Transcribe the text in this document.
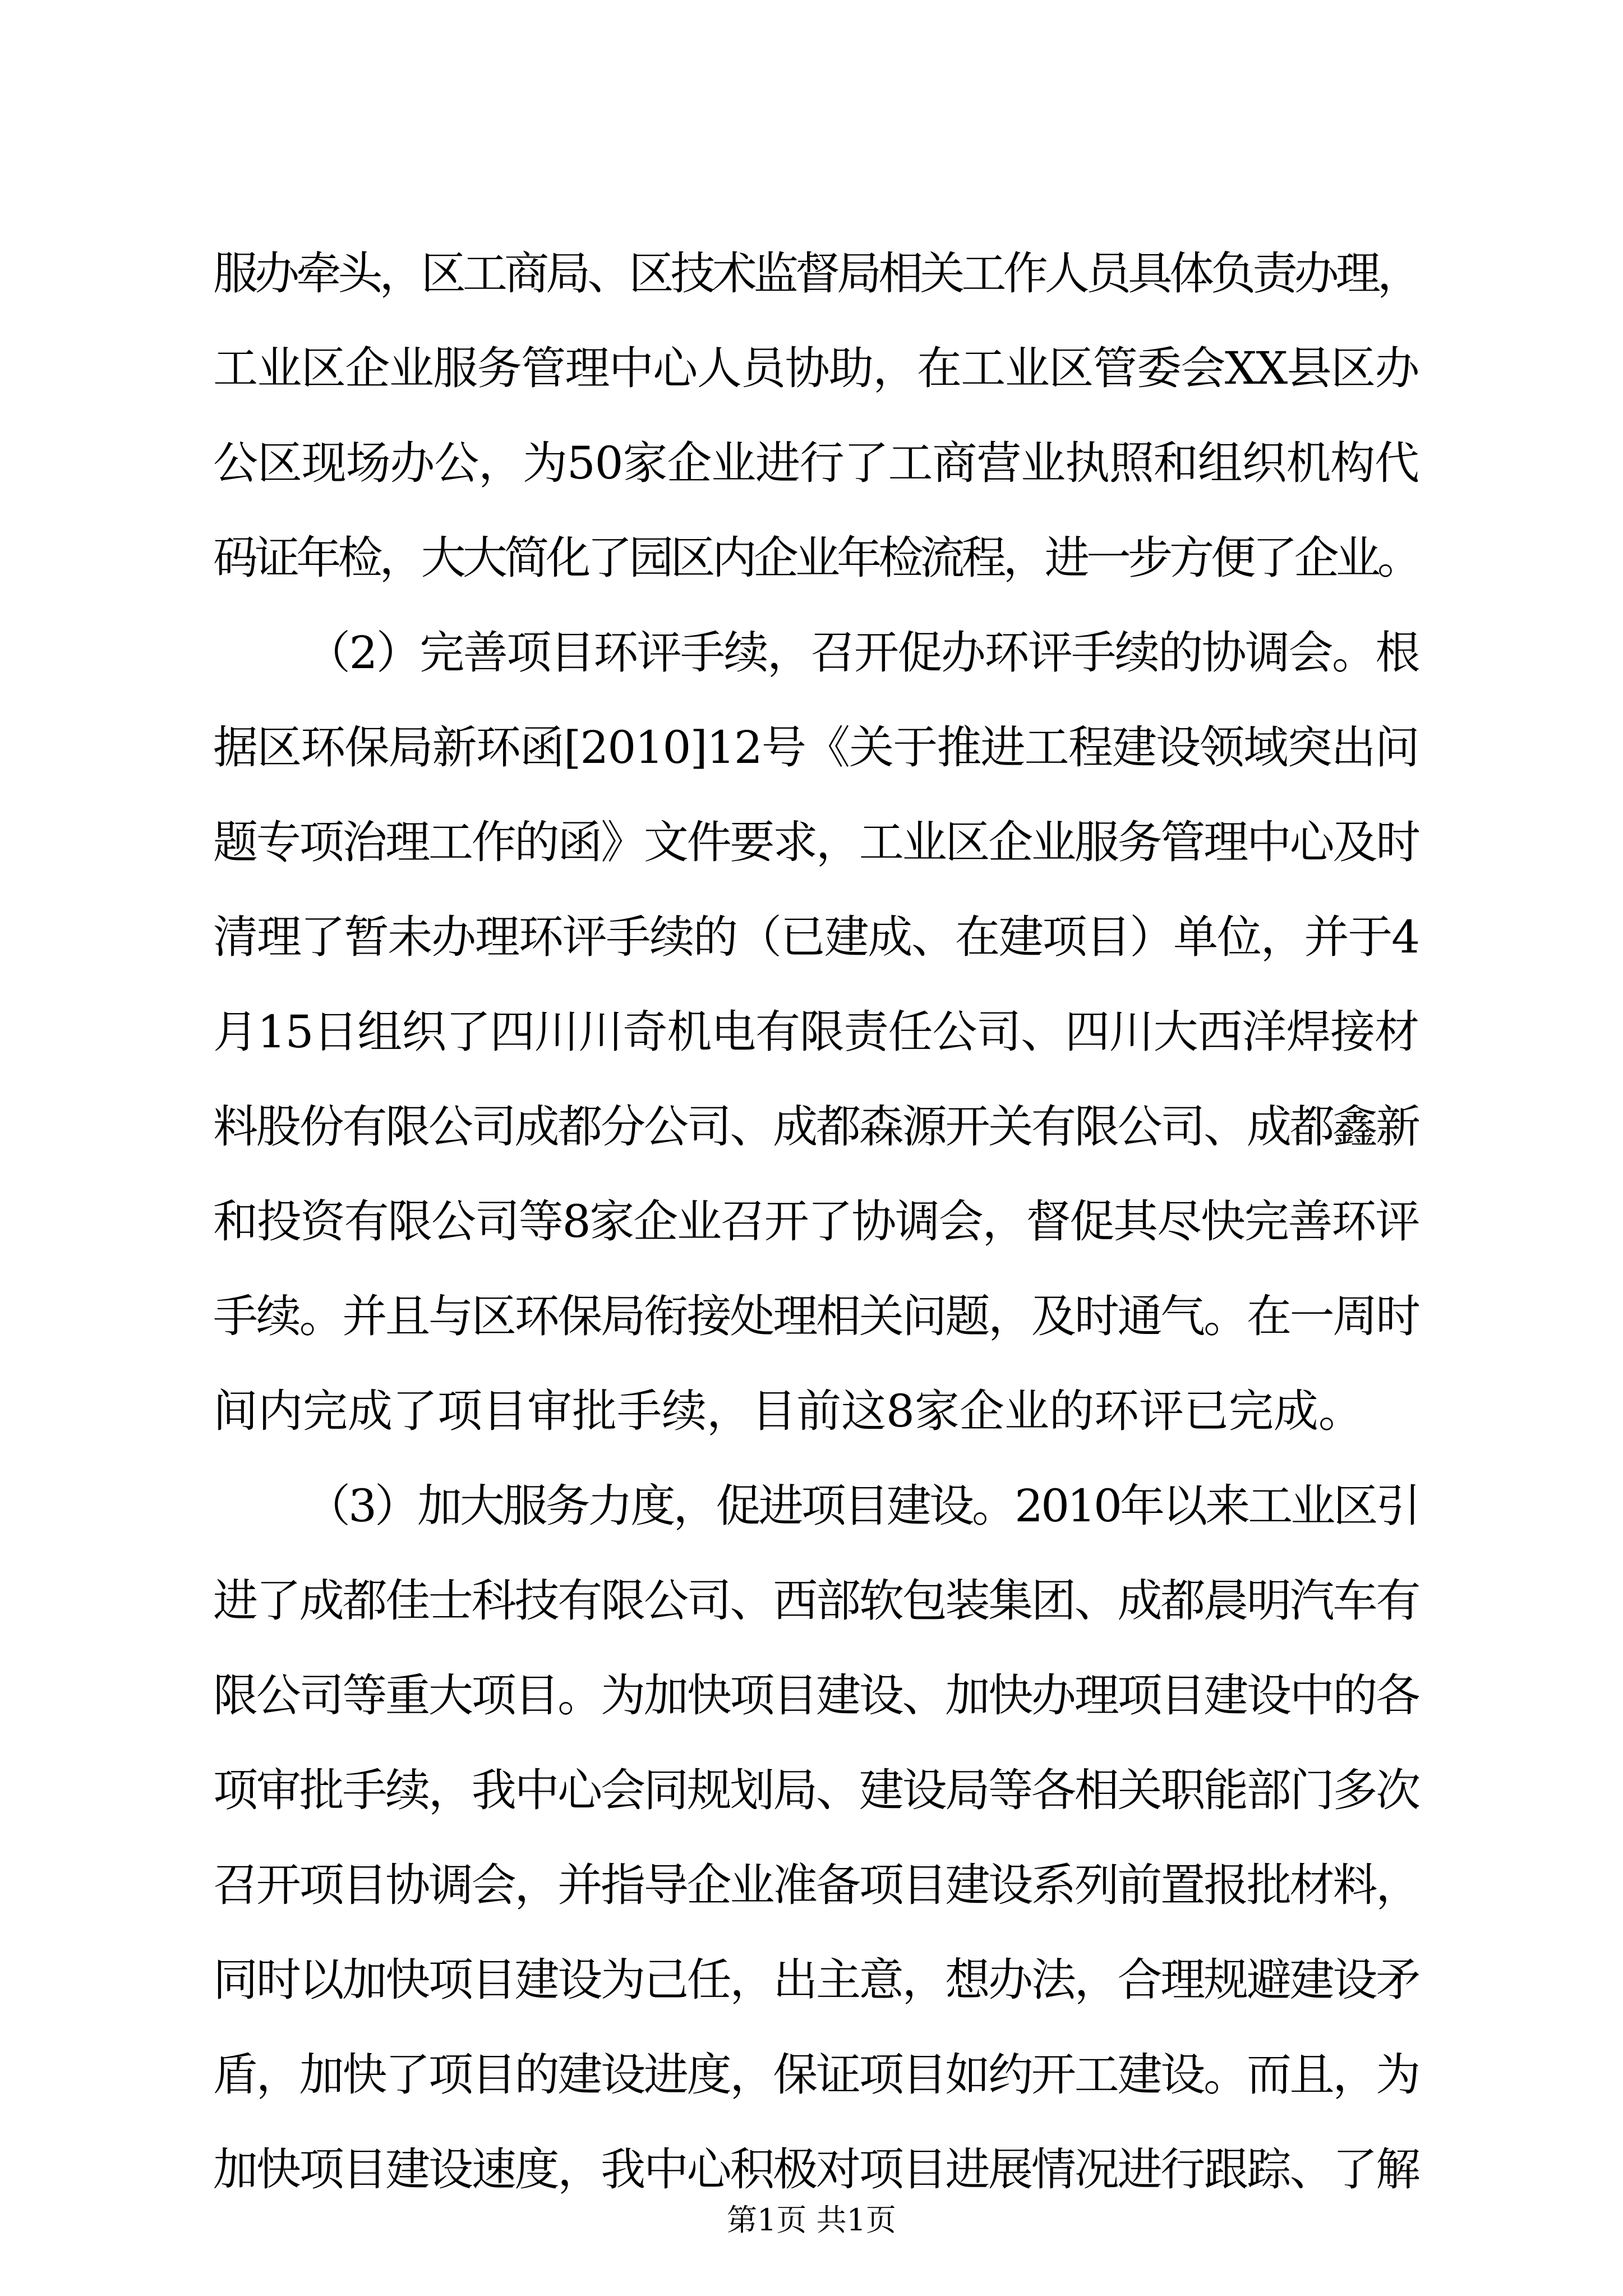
服办牵头，区工商局、区技术监督局相关工作人员具体负责办理，
工业区企业服务管理中心人员协助，在工业区管委会XX县区办
公区现场办公，为50家企业进行了工商营业执照和组织机构代
码证年检，大大简化了园区内企业年检流程，进一步方便了企业。
（2）完善项目环评手续，召开促办环评手续的协调会。根
据区环保局新环函[2010]12号《关于推进工程建设领域突出问
题专项治理工作的函》文件要求，工业区企业服务管理中心及时
清理了暂未办理环评手续的（已建成、在建项目）单位，并于4
月15日组织了四川川奇机电有限责任公司、四川大西洋焊接材
料股份有限公司成都分公司、成都森源开关有限公司、成都鑫新
和投资有限公司等8家企业召开了协调会，督促其尽快完善环评
手续。并且与区环保局衔接处理相关问题，及时通气。在一周时
间内完成了项目审批手续，目前这8家企业的环评已完成。
（3）加大服务力度，促进项目建设。2010年以来工业区引
进了成都佳士科技有限公司、西部软包装集团、成都晨明汽车有
限公司等重大项目。为加快项目建设、加快办理项目建设中的各
项审批手续，我中心会同规划局、建设局等各相关职能部门多次
召开项目协调会，并指导企业准备项目建设系列前置报批材料，
同时以加快项目建设为己任，出主意，想办法，合理规避建设矛
盾，加快了项目的建设进度，保证项目如约开工建设。而且，为
加快项目建设速度，我中心积极对项目进展情况进行跟踪、了解
第1页 共1页
